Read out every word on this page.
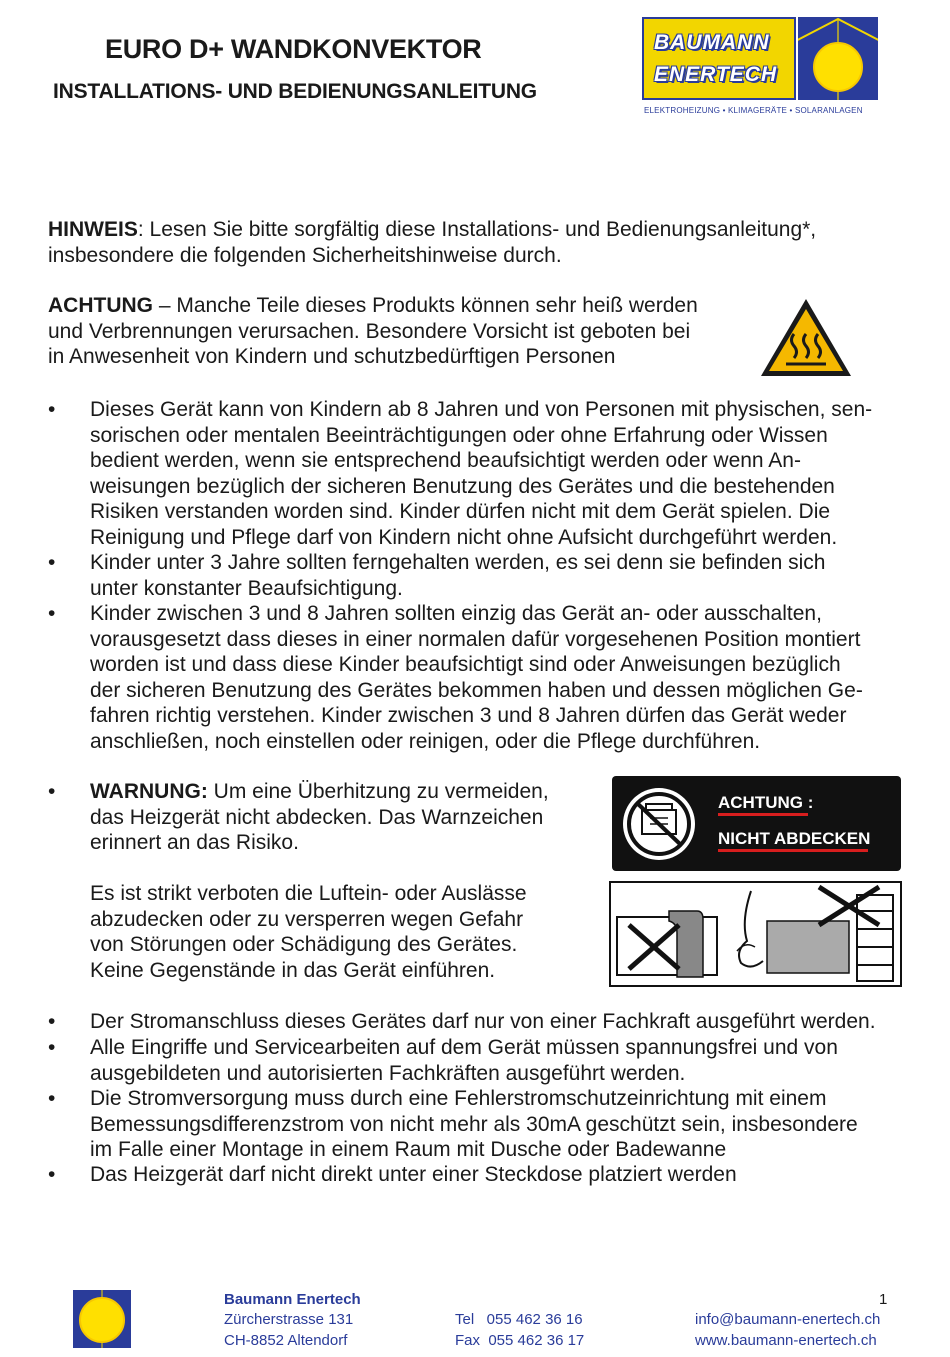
EURO D+ WANDKONVEKTOR
INSTALLATIONS- UND BEDIENUNGSANLEITUNG
BAUMANN
ENERTECH
ELEKTROHEIZUNG • KLIMAGERÄTE • SOLARANLAGEN
HINWEIS: Lesen Sie bitte sorgfältig diese Installations- und Bedienungsanleitung*, insbesondere die folgenden Sicherheitshinweise durch.
ACHTUNG – Manche Teile dieses Produkts können sehr heiß werden
und Verbrennungen verursachen. Besondere Vorsicht ist geboten bei
in Anwesenheit von Kindern und schutzbedürftigen Personen
•	Dieses Gerät kann von Kindern ab 8 Jahren und von Personen mit physischen, sen-
sorischen oder mentalen Beeinträchtigungen oder ohne Erfahrung oder Wissen
bedient werden, wenn sie entsprechend beaufsichtigt werden oder wenn An-
weisungen bezüglich der sicheren Benutzung des Gerätes und die bestehenden
Risiken verstanden worden sind. Kinder dürfen nicht mit dem Gerät spielen. Die
Reinigung und Pflege darf von Kindern nicht ohne Aufsicht durchgeführt werden.
•	Kinder unter 3 Jahre sollten ferngehalten werden, es sei denn sie befinden sich
unter konstanter Beaufsichtigung.
•	Kinder zwischen 3 und 8 Jahren sollten einzig das Gerät an- oder ausschalten,
vorausgesetzt dass dieses in einer normalen dafür vorgesehenen Position montiert
worden ist und dass diese Kinder beaufsichtigt sind oder Anweisungen bezüglich
der sicheren Benutzung des Gerätes bekommen haben und dessen möglichen Ge-
fahren richtig verstehen. Kinder zwischen 3 und 8 Jahren dürfen das Gerät weder
anschließen, noch einstellen oder reinigen, oder die Pflege durchführen.
•	WARNUNG: Um eine Überhitzung zu vermeiden,
das Heizgerät nicht abdecken. Das Warnzeichen
erinnert an das Risiko.
Es ist strikt verboten die Luftein- oder Auslässe
abzudecken oder zu versperren wegen Gefahr
von Störungen oder Schädigung des Gerätes.
Keine Gegenstände in das Gerät einführen.
ACHTUNG :
NICHT ABDECKEN
•	Der Stromanschluss dieses Gerätes darf nur von einer Fachkraft ausgeführt werden.
•	Alle Eingriffe und Servicearbeiten auf dem Gerät müssen spannungsfrei und von
ausgebildeten und autorisierten Fachkräften ausgeführt werden.
•	Die Stromversorgung muss durch eine Fehlerstromschutzeinrichtung mit einem
Bemessungsdifferenzstrom von nicht mehr als 30mA geschützt sein, insbesondere
im Falle einer Montage in einem Raum mit Dusche oder Badewanne
•	Das Heizgerät darf nicht direkt unter einer Steckdose platziert werden
1
Baumann Enertech
Zürcherstrasse 131
CH-8852 Altendorf
Tel   055 462 36 16
Fax  055 462 36 17
info@baumann-enertech.ch
www.baumann-enertech.ch
